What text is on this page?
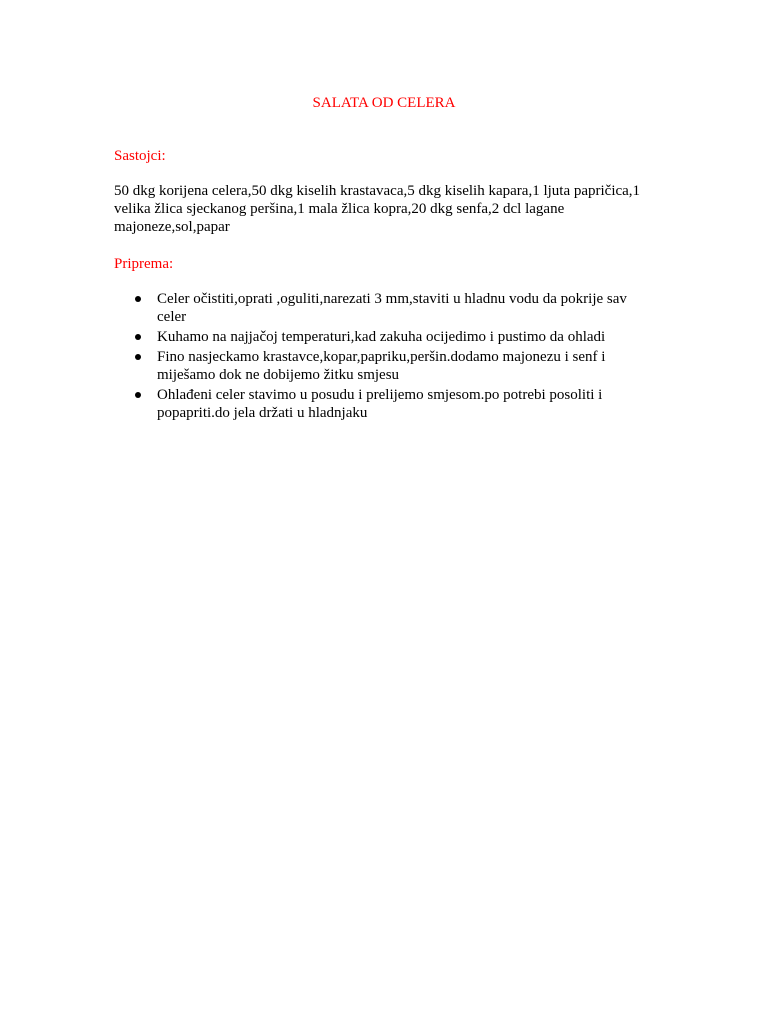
SALATA OD CELERA

Sastojci:

50 dkg korijena celera,50 dkg kiselih krastavaca,5 dkg kiselih kapara,1 ljuta papričica,1 velika žlica sjeckanog peršina,1 mala žlica kopra,20 dkg senfa,2 dcl lagane majoneze,sol,papar

Priprema:

Celer očistiti,oprati ,oguliti,narezati 3 mm,staviti u hladnu vodu da pokrije sav celer
Kuhamo na najjačoj temperaturi,kad zakuha ocijedimo i pustimo da ohladi
Fino nasjeckamo krastavce,kopar,papriku,peršin.dodamo majonezu i senf i miješamo dok ne dobijemo žitku smjesu
Ohlađeni celer stavimo u posudu i prelijemo smjesom.po potrebi posoliti i popapriti.do jela držati u hladnjaku
